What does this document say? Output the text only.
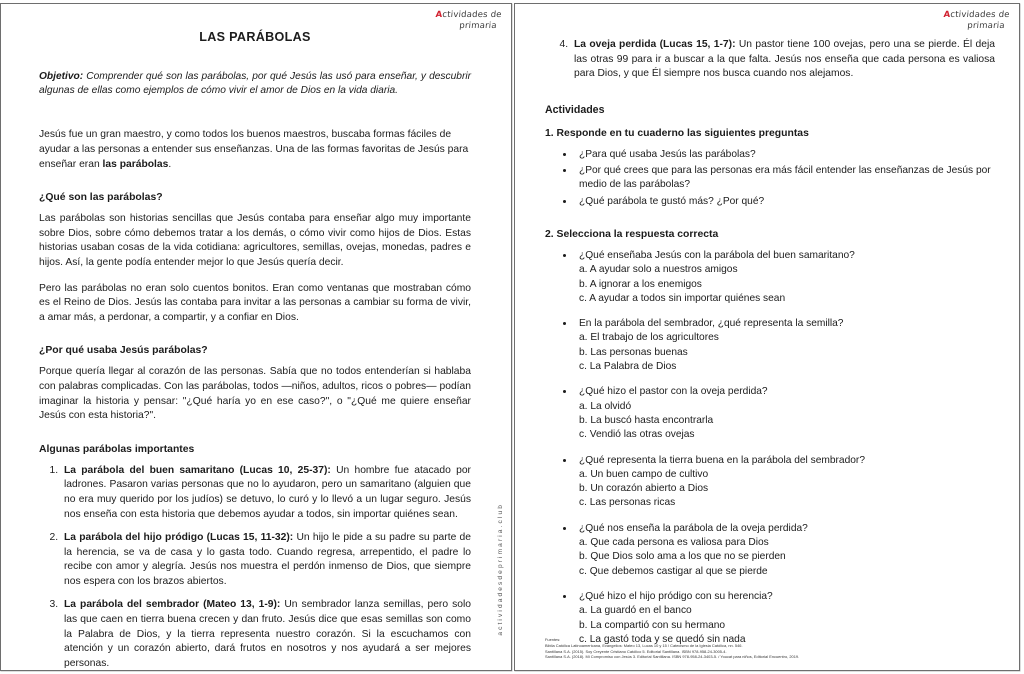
Actividades de
primaria
actividadesdeprimaria.club
LAS PARÁBOLAS

Objetivo: Comprender qué son las parábolas, por qué Jesús las usó para enseñar, y descubrir algunas de ellas como ejemplos de cómo vivir el amor de Dios en la vida diaria.

Jesús fue un gran maestro, y como todos los buenos maestros, buscaba formas fáciles de ayudar a las personas a entender sus enseñanzas. Una de las formas favoritas de Jesús para enseñar eran las parábolas.

¿Qué son las parábolas?

Las parábolas son historias sencillas que Jesús contaba para enseñar algo muy importante sobre Dios, sobre cómo debemos tratar a los demás, o cómo vivir como hijos de Dios. Estas historias usaban cosas de la vida cotidiana: agricultores, semillas, ovejas, monedas, padres e hijos. Así, la gente podía entender mejor lo que Jesús quería decir.

Pero las parábolas no eran solo cuentos bonitos. Eran como ventanas que mostraban cómo es el Reino de Dios. Jesús las contaba para invitar a las personas a cambiar su forma de vivir, a amar más, a perdonar, a compartir, y a confiar en Dios.

¿Por qué usaba Jesús parábolas?

Porque quería llegar al corazón de las personas. Sabía que no todos entenderían si hablaba con palabras complicadas. Con las parábolas, todos —niños, adultos, ricos o pobres— podían imaginar la historia y pensar: "¿Qué haría yo en ese caso?", o "¿Qué me quiere enseñar Jesús con esta historia?".

Algunas parábolas importantes
1. La parábola del buen samaritano (Lucas 10, 25-37): Un hombre fue atacado por ladrones. Pasaron varias personas que no lo ayudaron, pero un samaritano (alguien que no era muy querido por los judíos) se detuvo, lo curó y lo llevó a un lugar seguro. Jesús nos enseña con esta historia que debemos ayudar a todos, sin importar quiénes sean.
2. La parábola del hijo pródigo (Lucas 15, 11-32): Un hijo le pide a su padre su parte de la herencia, se va de casa y lo gasta todo. Cuando regresa, arrepentido, el padre lo recibe con amor y alegría. Jesús nos muestra el perdón inmenso de Dios, que siempre nos espera con los brazos abiertos.
3. La parábola del sembrador (Mateo 13, 1-9): Un sembrador lanza semillas, pero solo las que caen en tierra buena crecen y dan fruto. Jesús dice que esas semillas son como la Palabra de Dios, y la tierra representa nuestro corazón. Si la escuchamos con atención y un corazón abierto, dará frutos en nosotros y nos ayudará a ser mejores personas.
Actividades de
primaria
4. La oveja perdida (Lucas 15, 1-7): Un pastor tiene 100 ovejas, pero una se pierde. Él deja las otras 99 para ir a buscar a la que falta. Jesús nos enseña que cada persona es valiosa para Dios, y que Él siempre nos busca cuando nos alejamos.
Actividades
1. Responde en tu cuaderno las siguientes preguntas
• ¿Para qué usaba Jesús las parábolas?
• ¿Por qué crees que para las personas era más fácil entender las enseñanzas de Jesús por medio de las parábolas?
• ¿Qué parábola te gustó más? ¿Por qué?
2. Selecciona la respuesta correcta
• ¿Qué enseñaba Jesús con la parábola del buen samaritano?
a. A ayudar solo a nuestros amigos
b. A ignorar a los enemigos
c. A ayudar a todos sin importar quiénes sean
• En la parábola del sembrador, ¿qué representa la semilla?
a. El trabajo de los agricultores
b. Las personas buenas
c. La Palabra de Dios
• ¿Qué hizo el pastor con la oveja perdida?
a. La olvidó
b. La buscó hasta encontrarla
c. Vendió las otras ovejas
• ¿Qué representa la tierra buena en la parábola del sembrador?
a. Un buen campo de cultivo
b. Un corazón abierto a Dios
c. Las personas ricas
• ¿Qué nos enseña la parábola de la oveja perdida?
a. Que cada persona es valiosa para Dios
b. Que Dios solo ama a los que no se pierden
c. Que debemos castigar al que se pierde
• ¿Qué hizo el hijo pródigo con su herencia?
a. La guardó en el banco
b. La compartió con su hermano
c. La gastó toda y se quedó sin nada
Fuentes:
Biblia Católica Latinoamericana, Evangelios: Mateo 13, Lucas 10 y 15 / Catecismo de la Iglesia Católica, nn. 546.
Santillana S.A. (2015). Soy Creyente Cristiano Católico 5. Editorial Santillana. ISBN 978-958-24-3005-4.
Santillana S.A. (2018). Mi Compromiso con Jesús 3. Editorial Santillana. ISBN 978-958-24-3403-5. / Youcat para niños, Editorial Encuentro, 2019.
